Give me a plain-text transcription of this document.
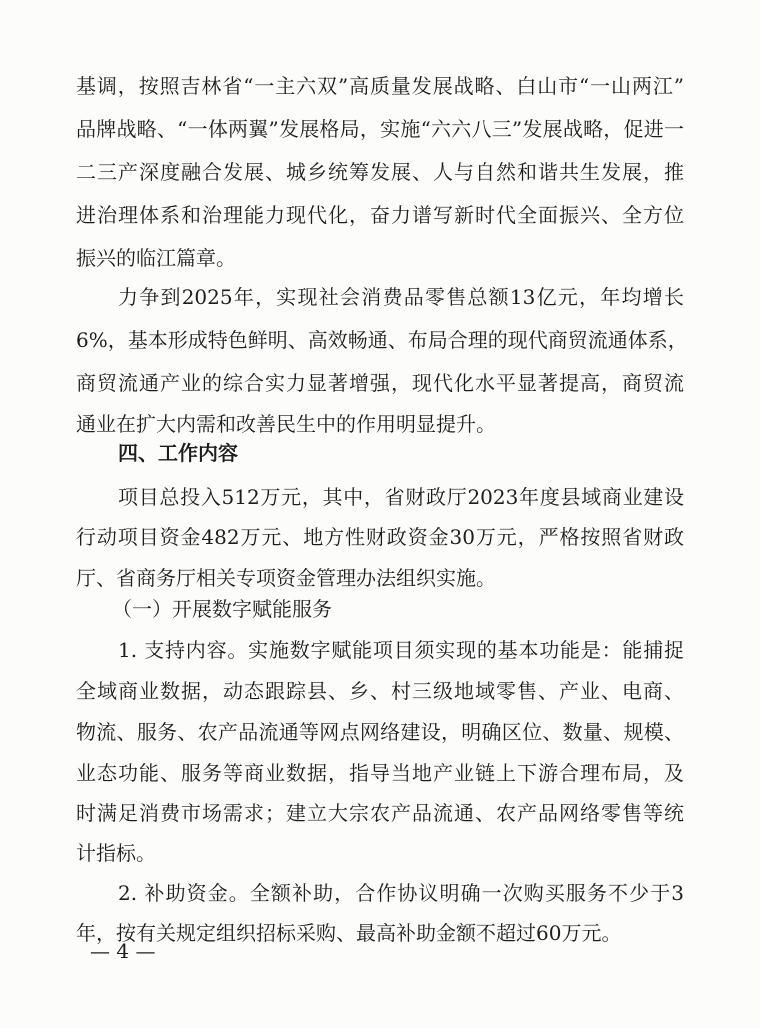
基调，按照吉林省“一主六双”高质量发展战略、白山市“一山两江”

品牌战略、“一体两翼”发展格局，实施“六六八三”发展战略，促进一

二三产深度融合发展、城乡统筹发展、人与自然和谐共生发展，推

进治理体系和治理能力现代化，奋力谱写新时代全面振兴、全方位

振兴的临江篇章。

力争到2025年，实现社会消费品零售总额13亿元，年均增长

6%，基本形成特色鲜明、高效畅通、布局合理的现代商贸流通体系，

商贸流通产业的综合实力显著增强，现代化水平显著提高，商贸流

通业在扩大内需和改善民生中的作用明显提升。

四、工作内容

项目总投入512万元，其中，省财政厅2023年度县域商业建设

行动项目资金482万元、地方性财政资金30万元，严格按照省财政

厅、省商务厅相关专项资金管理办法组织实施。

（一）开展数字赋能服务

1. 支持内容。实施数字赋能项目须实现的基本功能是：能捕捉

全域商业数据，动态跟踪县、乡、村三级地域零售、产业、电商、

物流、服务、农产品流通等网点网络建设，明确区位、数量、规模、

业态功能、服务等商业数据，指导当地产业链上下游合理布局，及

时满足消费市场需求；建立大宗农产品流通、农产品网络零售等统

计指标。

2. 补助资金。全额补助，合作协议明确一次购买服务不少于3

年，按有关规定组织招标采购、最高补助金额不超过60万元。

— 4 —
